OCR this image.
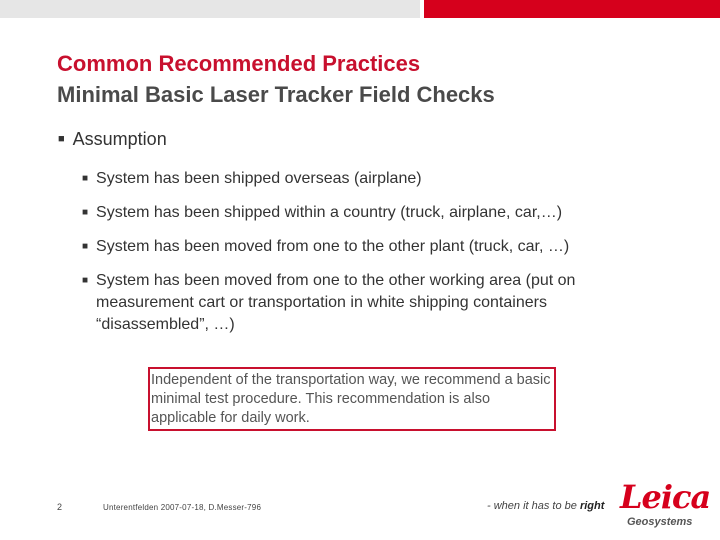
Common Recommended Practices
Minimal Basic Laser Tracker Field Checks
■ Assumption
■ System has been shipped overseas (airplane)
■ System has been shipped within a country (truck, airplane, car,…)
■ System has been moved from one to the other plant (truck, car, …)
■ System has been moved from one to the other working area (put on measurement cart or transportation in white shipping containers “disassembled”, …)
Independent of the transportation way, we recommend a basic minimal test procedure. This recommendation is also applicable for daily work.
2	Unterentfelden 2007-07-18, D.Messer-796	- when it has to be right Leica
Geosystems
